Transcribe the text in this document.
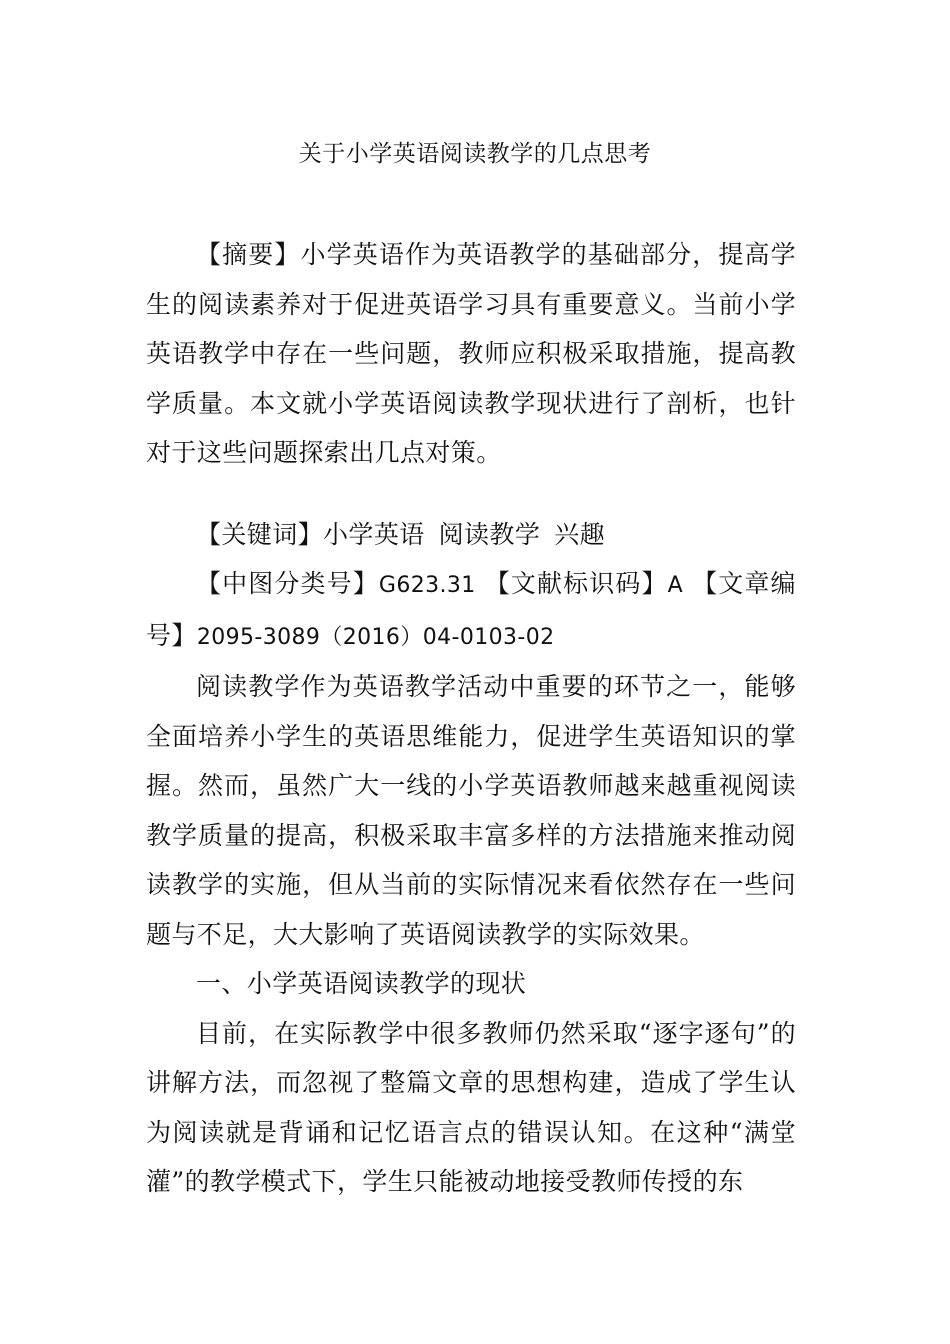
关于小学英语阅读教学的几点思考

【摘要】小学英语作为英语教学的基础部分，提高学生的阅读素养对于促进英语学习具有重要意义。当前小学英语教学中存在一些问题，教师应积极采取措施，提高教学质量。本文就小学英语阅读教学现状进行了剖析，也针对于这些问题探索出几点对策。

【关键词】小学英语 阅读教学 兴趣

【中图分类号】G623.31 【文献标识码】A 【文章编号】2095-3089（2016）04-0103-02

阅读教学作为英语教学活动中重要的环节之一，能够全面培养小学生的英语思维能力，促进学生英语知识的掌握。然而，虽然广大一线的小学英语教师越来越重视阅读教学质量的提高，积极采取丰富多样的方法措施来推动阅读教学的实施，但从当前的实际情况来看依然存在一些问题与不足，大大影响了英语阅读教学的实际效果。

一、小学英语阅读教学的现状

目前，在实际教学中很多教师仍然采取“逐字逐句”的讲解方法，而忽视了整篇文章的思想构建，造成了学生认为阅读就是背诵和记忆语言点的错误认知。在这种“满堂灌”的教学模式下，学生只能被动地接受教师传授的东
